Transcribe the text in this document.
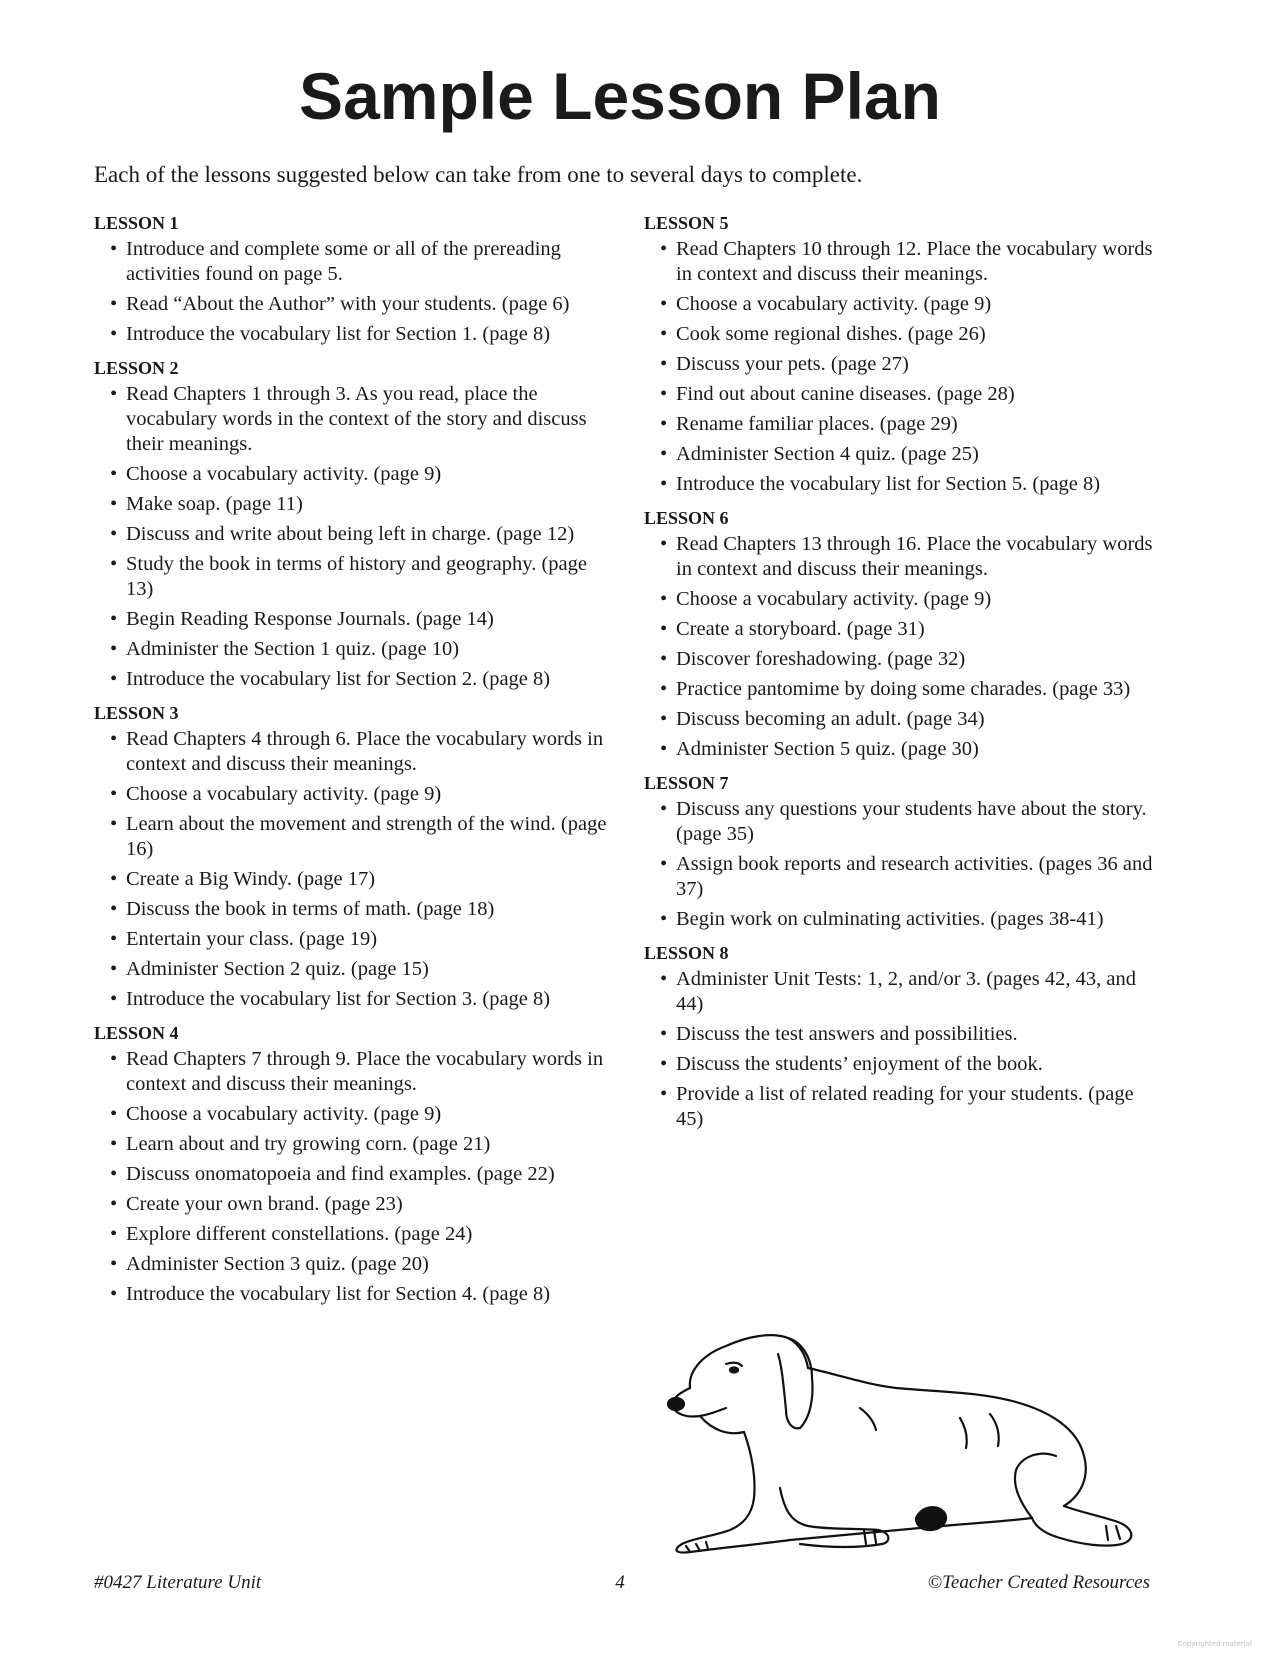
Sample Lesson Plan

Each of the lessons suggested below can take from one to several days to complete.

LESSON 1
• Introduce and complete some or all of the prereading activities found on page 5.
• Read “About the Author” with your students. (page 6)
• Introduce the vocabulary list for Section 1. (page 8)
LESSON 2
• Read Chapters 1 through 3. As you read, place the vocabulary words in the context of the story and discuss their meanings.
• Choose a vocabulary activity. (page 9)
• Make soap. (page 11)
• Discuss and write about being left in charge. (page 12)
• Study the book in terms of history and geography. (page 13)
• Begin Reading Response Journals. (page 14)
• Administer the Section 1 quiz. (page 10)
• Introduce the vocabulary list for Section 2. (page 8)
LESSON 3
• Read Chapters 4 through 6. Place the vocabulary words in context and discuss their meanings.
• Choose a vocabulary activity. (page 9)
• Learn about the movement and strength of the wind. (page 16)
• Create a Big Windy. (page 17)
• Discuss the book in terms of math. (page 18)
• Entertain your class. (page 19)
• Administer Section 2 quiz. (page 15)
• Introduce the vocabulary list for Section 3. (page 8)
LESSON 4
• Read Chapters 7 through 9. Place the vocabulary words in context and discuss their meanings.
• Choose a vocabulary activity. (page 9)
• Learn about and try growing corn. (page 21)
• Discuss onomatopoeia and find examples. (page 22)
• Create your own brand. (page 23)
• Explore different constellations. (page 24)
• Administer Section 3 quiz. (page 20)
• Introduce the vocabulary list for Section 4. (page 8)
LESSON 5
• Read Chapters 10 through 12. Place the vocabulary words in context and discuss their meanings.
• Choose a vocabulary activity. (page 9)
• Cook some regional dishes. (page 26)
• Discuss your pets. (page 27)
• Find out about canine diseases. (page 28)
• Rename familiar places. (page 29)
• Administer Section 4 quiz. (page 25)
• Introduce the vocabulary list for Section 5. (page 8)
LESSON 6
• Read Chapters 13 through 16. Place the vocabulary words in context and discuss their meanings.
• Choose a vocabulary activity. (page 9)
• Create a storyboard. (page 31)
• Discover foreshadowing. (page 32)
• Practice pantomime by doing some charades. (page 33)
• Discuss becoming an adult. (page 34)
• Administer Section 5 quiz. (page 30)
LESSON 7
• Discuss any questions your students have about the story. (page 35)
• Assign book reports and research activities. (pages 36 and 37)
• Begin work on culminating activities. (pages 38-41)
LESSON 8
• Administer Unit Tests: 1, 2, and/or 3. (pages 42, 43, and 44)
• Discuss the test answers and possibilities.
• Discuss the students’ enjoyment of the book.
• Provide a list of related reading for your students. (page 45)
#0427 Literature Unit	4	©Teacher Created Resources
Copyrighted material
